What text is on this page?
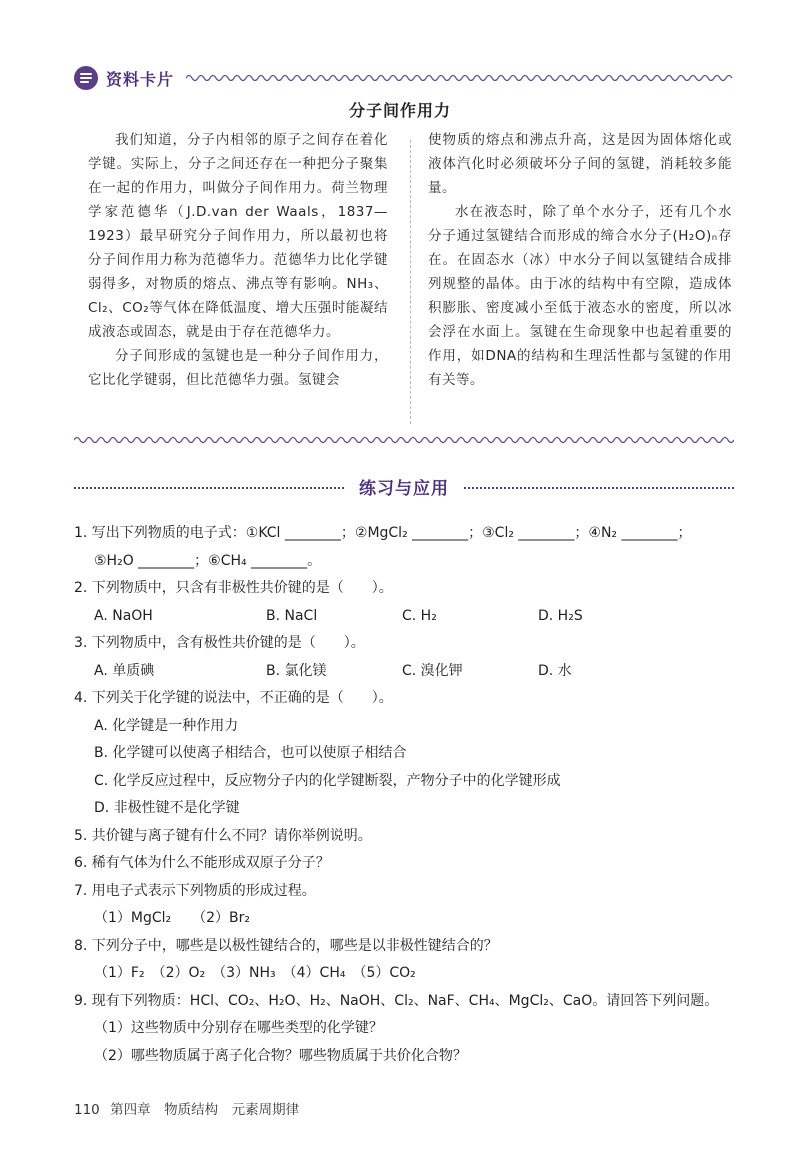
资料卡片
分子间作用力

我们知道，分子内相邻的原子之间存在着化学键。实际上，分子之间还存在一种把分子聚集在一起的作用力，叫做分子间作用力。荷兰物理学家范德华（J.D.van der Waals，1837—1923）最早研究分子间作用力，所以最初也将分子间作用力称为范德华力。范德华力比化学键弱得多，对物质的熔点、沸点等有影响。NH₃、Cl₂、CO₂等气体在降低温度、增大压强时能凝结成液态或固态，就是由于存在范德华力。

分子间形成的氢键也是一种分子间作用力，它比化学键弱，但比范德华力强。氢键会

使物质的熔点和沸点升高，这是因为固体熔化或液体汽化时必须破坏分子间的氢键，消耗较多能量。

水在液态时，除了单个水分子，还有几个水分子通过氢键结合而形成的缔合水分子(H₂O)ₙ存在。在固态水（冰）中水分子间以氢键结合成排列规整的晶体。由于冰的结构中有空隙，造成体积膨胀、密度减小至低于液态水的密度，所以冰会浮在水面上。氢键在生命现象中也起着重要的作用，如DNA的结构和生理活性都与氢键的作用有关等。

练习与应用
1. 写出下列物质的电子式：①KCl ________；②MgCl₂ ________；③Cl₂ ________；④N₂ ________；
⑤H₂O ________；⑥CH₄ ________。
2. 下列物质中，只含有非极性共价键的是（　　）。
A. NaOH	B. NaCl	C. H₂	D. H₂S
3. 下列物质中，含有极性共价键的是（　　）。
A. 单质碘	B. 氯化镁	C. 溴化钾	D. 水
4. 下列关于化学键的说法中，不正确的是（　　）。
A. 化学键是一种作用力
B. 化学键可以使离子相结合，也可以使原子相结合
C. 化学反应过程中，反应物分子内的化学键断裂，产物分子中的化学键形成
D. 非极性键不是化学键
5. 共价键与离子键有什么不同？请你举例说明。
6. 稀有气体为什么不能形成双原子分子？
7. 用电子式表示下列物质的形成过程。
（1）MgCl₂　　（2）Br₂
8. 下列分子中，哪些是以极性键结合的，哪些是以非极性键结合的？
（1）F₂　（2）O₂　（3）NH₃　（4）CH₄　（5）CO₂
9. 现有下列物质：HCl、CO₂、H₂O、H₂、NaOH、Cl₂、NaF、CH₄、MgCl₂、CaO。请回答下列问题。
（1）这些物质中分别存在哪些类型的化学键？
（2）哪些物质属于离子化合物？哪些物质属于共价化合物？
110 第四章　物质结构　元素周期律
